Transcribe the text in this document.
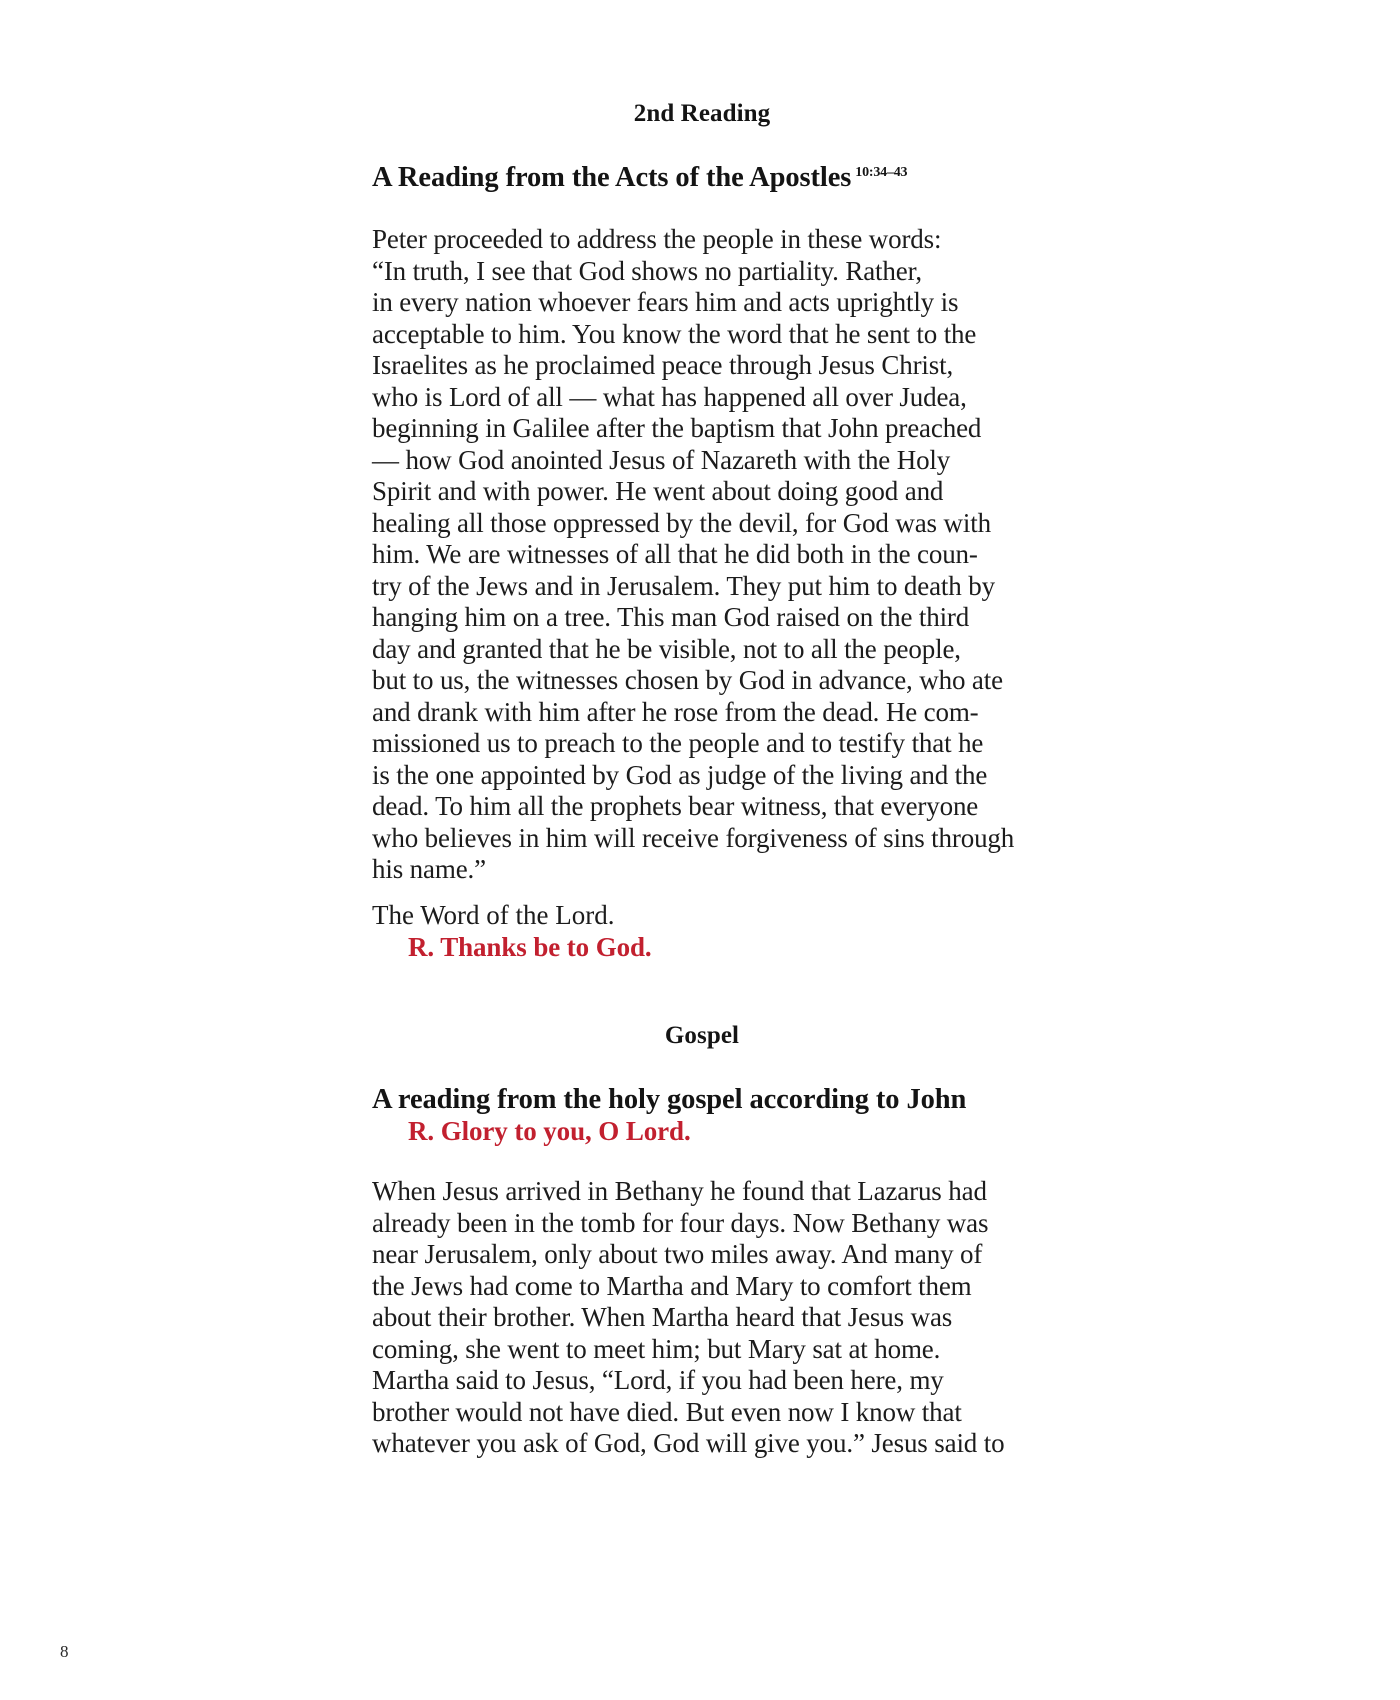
2nd Reading
A Reading from the Acts of the Apostles $^{10:34-43}$

Peter proceeded to address the people in these words:
“In truth, I see that God shows no partiality. Rather,
in every nation whoever fears him and acts uprightly is
acceptable to him. You know the word that he sent to the
Israelites as he proclaimed peace through Jesus Christ,
who is Lord of all — what has happened all over Judea,
beginning in Galilee after the baptism that John preached
— how God anointed Jesus of Nazareth with the Holy
Spirit and with power. He went about doing good and
healing all those oppressed by the devil, for God was with
him. We are witnesses of all that he did both in the coun-
try of the Jews and in Jerusalem. They put him to death by
hanging him on a tree. This man God raised on the third
day and granted that he be visible, not to all the people,
but to us, the witnesses chosen by God in advance, who ate
and drank with him after he rose from the dead. He com-
missioned us to preach to the people and to testify that he
is the one appointed by God as judge of the living and the
dead. To him all the prophets bear witness, that everyone
who believes in him will receive forgiveness of sins through
his name.”

The Word of the Lord.

R. Thanks be to God.

Gospel

A reading from the holy gospel according to John

R. Glory to you, O Lord.

When Jesus arrived in Bethany he found that Lazarus had
already been in the tomb for four days. Now Bethany was
near Jerusalem, only about two miles away. And many of
the Jews had come to Martha and Mary to comfort them
about their brother. When Martha heard that Jesus was
coming, she went to meet him; but Mary sat at home.
Martha said to Jesus, “Lord, if you had been here, my
brother would not have died. But even now I know that
whatever you ask of God, God will give you.” Jesus said to

8
